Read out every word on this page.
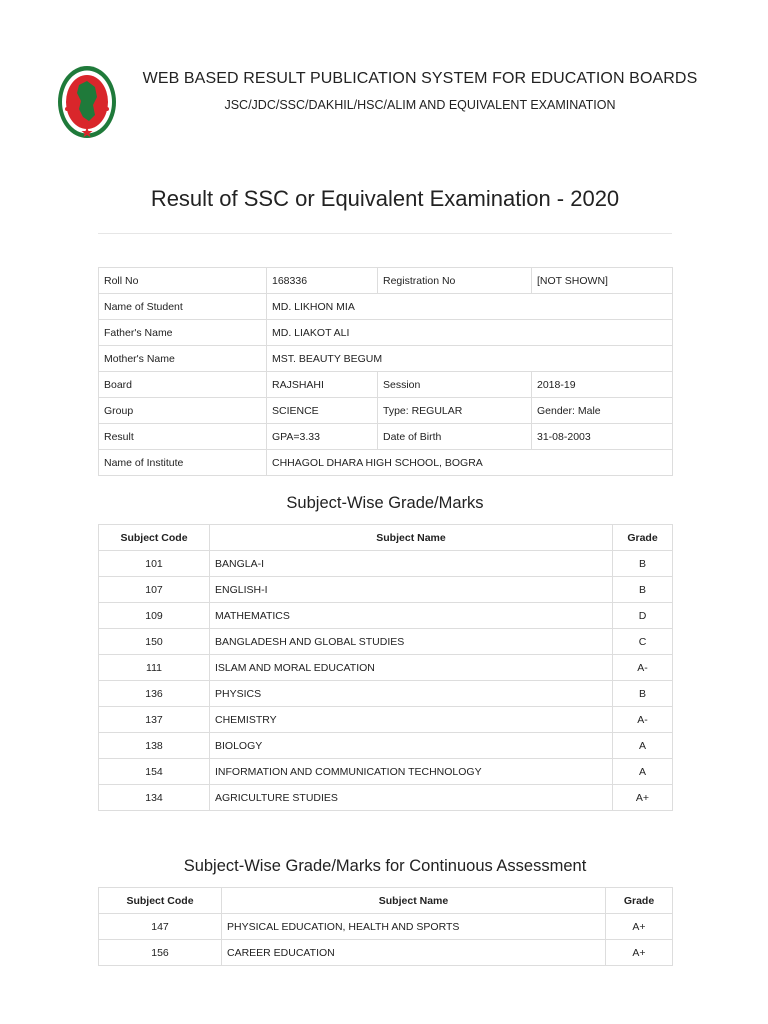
WEB BASED RESULT PUBLICATION SYSTEM FOR EDUCATION BOARDS
JSC/JDC/SSC/DAKHIL/HSC/ALIM AND EQUIVALENT EXAMINATION
Result of SSC or Equivalent Examination - 2020
Roll No	168336	Registration No	[NOT SHOWN]
Name of Student	MD. LIKHON MIA		
Father's Name	MD. LIAKOT ALI		
Mother's Name	MST. BEAUTY BEGUM		
Board	RAJSHAHI	Session	2018-19
Group	SCIENCE	Type: REGULAR	Gender: Male
Result	GPA=3.33	Date of Birth	31-08-2003
Name of Institute	CHHAGOL DHARA HIGH SCHOOL, BOGRA		
Subject-Wise Grade/Marks
Subject Code	Subject Name	Grade
101	BANGLA-I	B
107	ENGLISH-I	B
109	MATHEMATICS	D
150	BANGLADESH AND GLOBAL STUDIES	C
111	ISLAM AND MORAL EDUCATION	A-
136	PHYSICS	B
137	CHEMISTRY	A-
138	BIOLOGY	A
154	INFORMATION AND COMMUNICATION TECHNOLOGY	A
134	AGRICULTURE STUDIES	A+
Subject-Wise Grade/Marks for Continuous Assessment
Subject Code	Subject Name	Grade
147	PHYSICAL EDUCATION, HEALTH AND SPORTS	A+
156	CAREER EDUCATION	A+
